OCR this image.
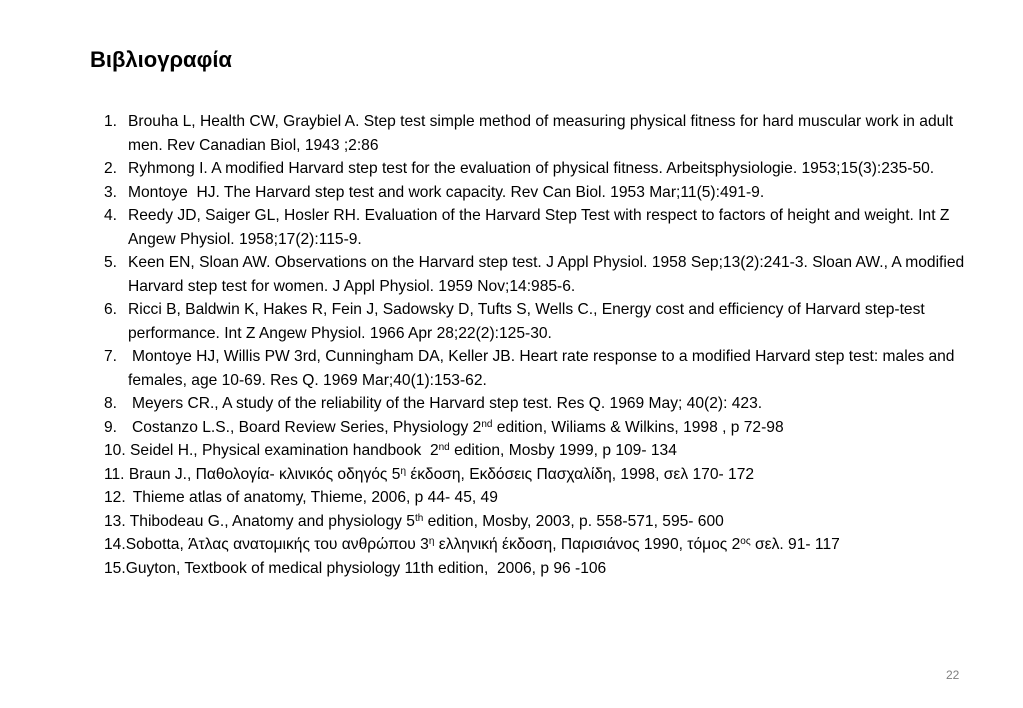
Βιβλιογραφία
1. Brouha L, Health CW, Graybiel A. Step test simple method of measuring physical fitness for hard muscular work in adult men. Rev Canadian Biol, 1943 ;2:86
2. Ryhmong I. A modified Harvard step test for the evaluation of physical fitness. Arbeitsphysiologie. 1953;15(3):235-50.
3. Montoye  HJ. The Harvard step test and work capacity. Rev Can Biol. 1953 Mar;11(5):491-9.
4. Reedy JD, Saiger GL, Hosler RH. Evaluation of the Harvard Step Test with respect to factors of height and weight. Int Z Angew Physiol. 1958;17(2):115-9.
5. Keen EN, Sloan AW. Observations on the Harvard step test. J Appl Physiol. 1958 Sep;13(2):241-3. Sloan AW., A modified Harvard step test for women. J Appl Physiol. 1959 Nov;14:985-6.
6. Ricci B, Baldwin K, Hakes R, Fein J, Sadowsky D, Tufts S, Wells C., Energy cost and efficiency of Harvard step-test performance. Int Z Angew Physiol. 1966 Apr 28;22(2):125-30.
7. Montoye HJ, Willis PW 3rd, Cunningham DA, Keller JB. Heart rate response to a modified Harvard step test: males and females, age 10-69. Res Q. 1969 Mar;40(1):153-62.
8. Meyers CR., A study of the reliability of the Harvard step test. Res Q. 1969 May; 40(2): 423.
9. Costanzo L.S., Board Review Series, Physiology 2nd edition, Wiliams & Wilkins, 1998 , p 72-98
10. Seidel H., Physical examination handbook  2nd edition, Mosby 1999, p 109- 134
11. Braun J., Παθολογία- κλινικός οδηγός $5^\eta$ έκδοση, Εκδόσεις Πασχαλίδη, 1998, σελ 170- 172
12. Thieme atlas of anatomy, Thieme, 2006, p 44- 45, 49
13. Thibodeau G., Anatomy and physiology 5th edition, Mosby, 2003, p. 558-571, 595- 600
14. Sobotta, Άτλας ανατομικής του ανθρώπου $3^\eta$ ελληνική έκδοση, Παρισιάνος 1990, τόμος $2^{o\varsigma}$ σελ. 91- 117
15. Guyton, Textbook of medical physiology 11th edition,  2006, p 96 -106
22
